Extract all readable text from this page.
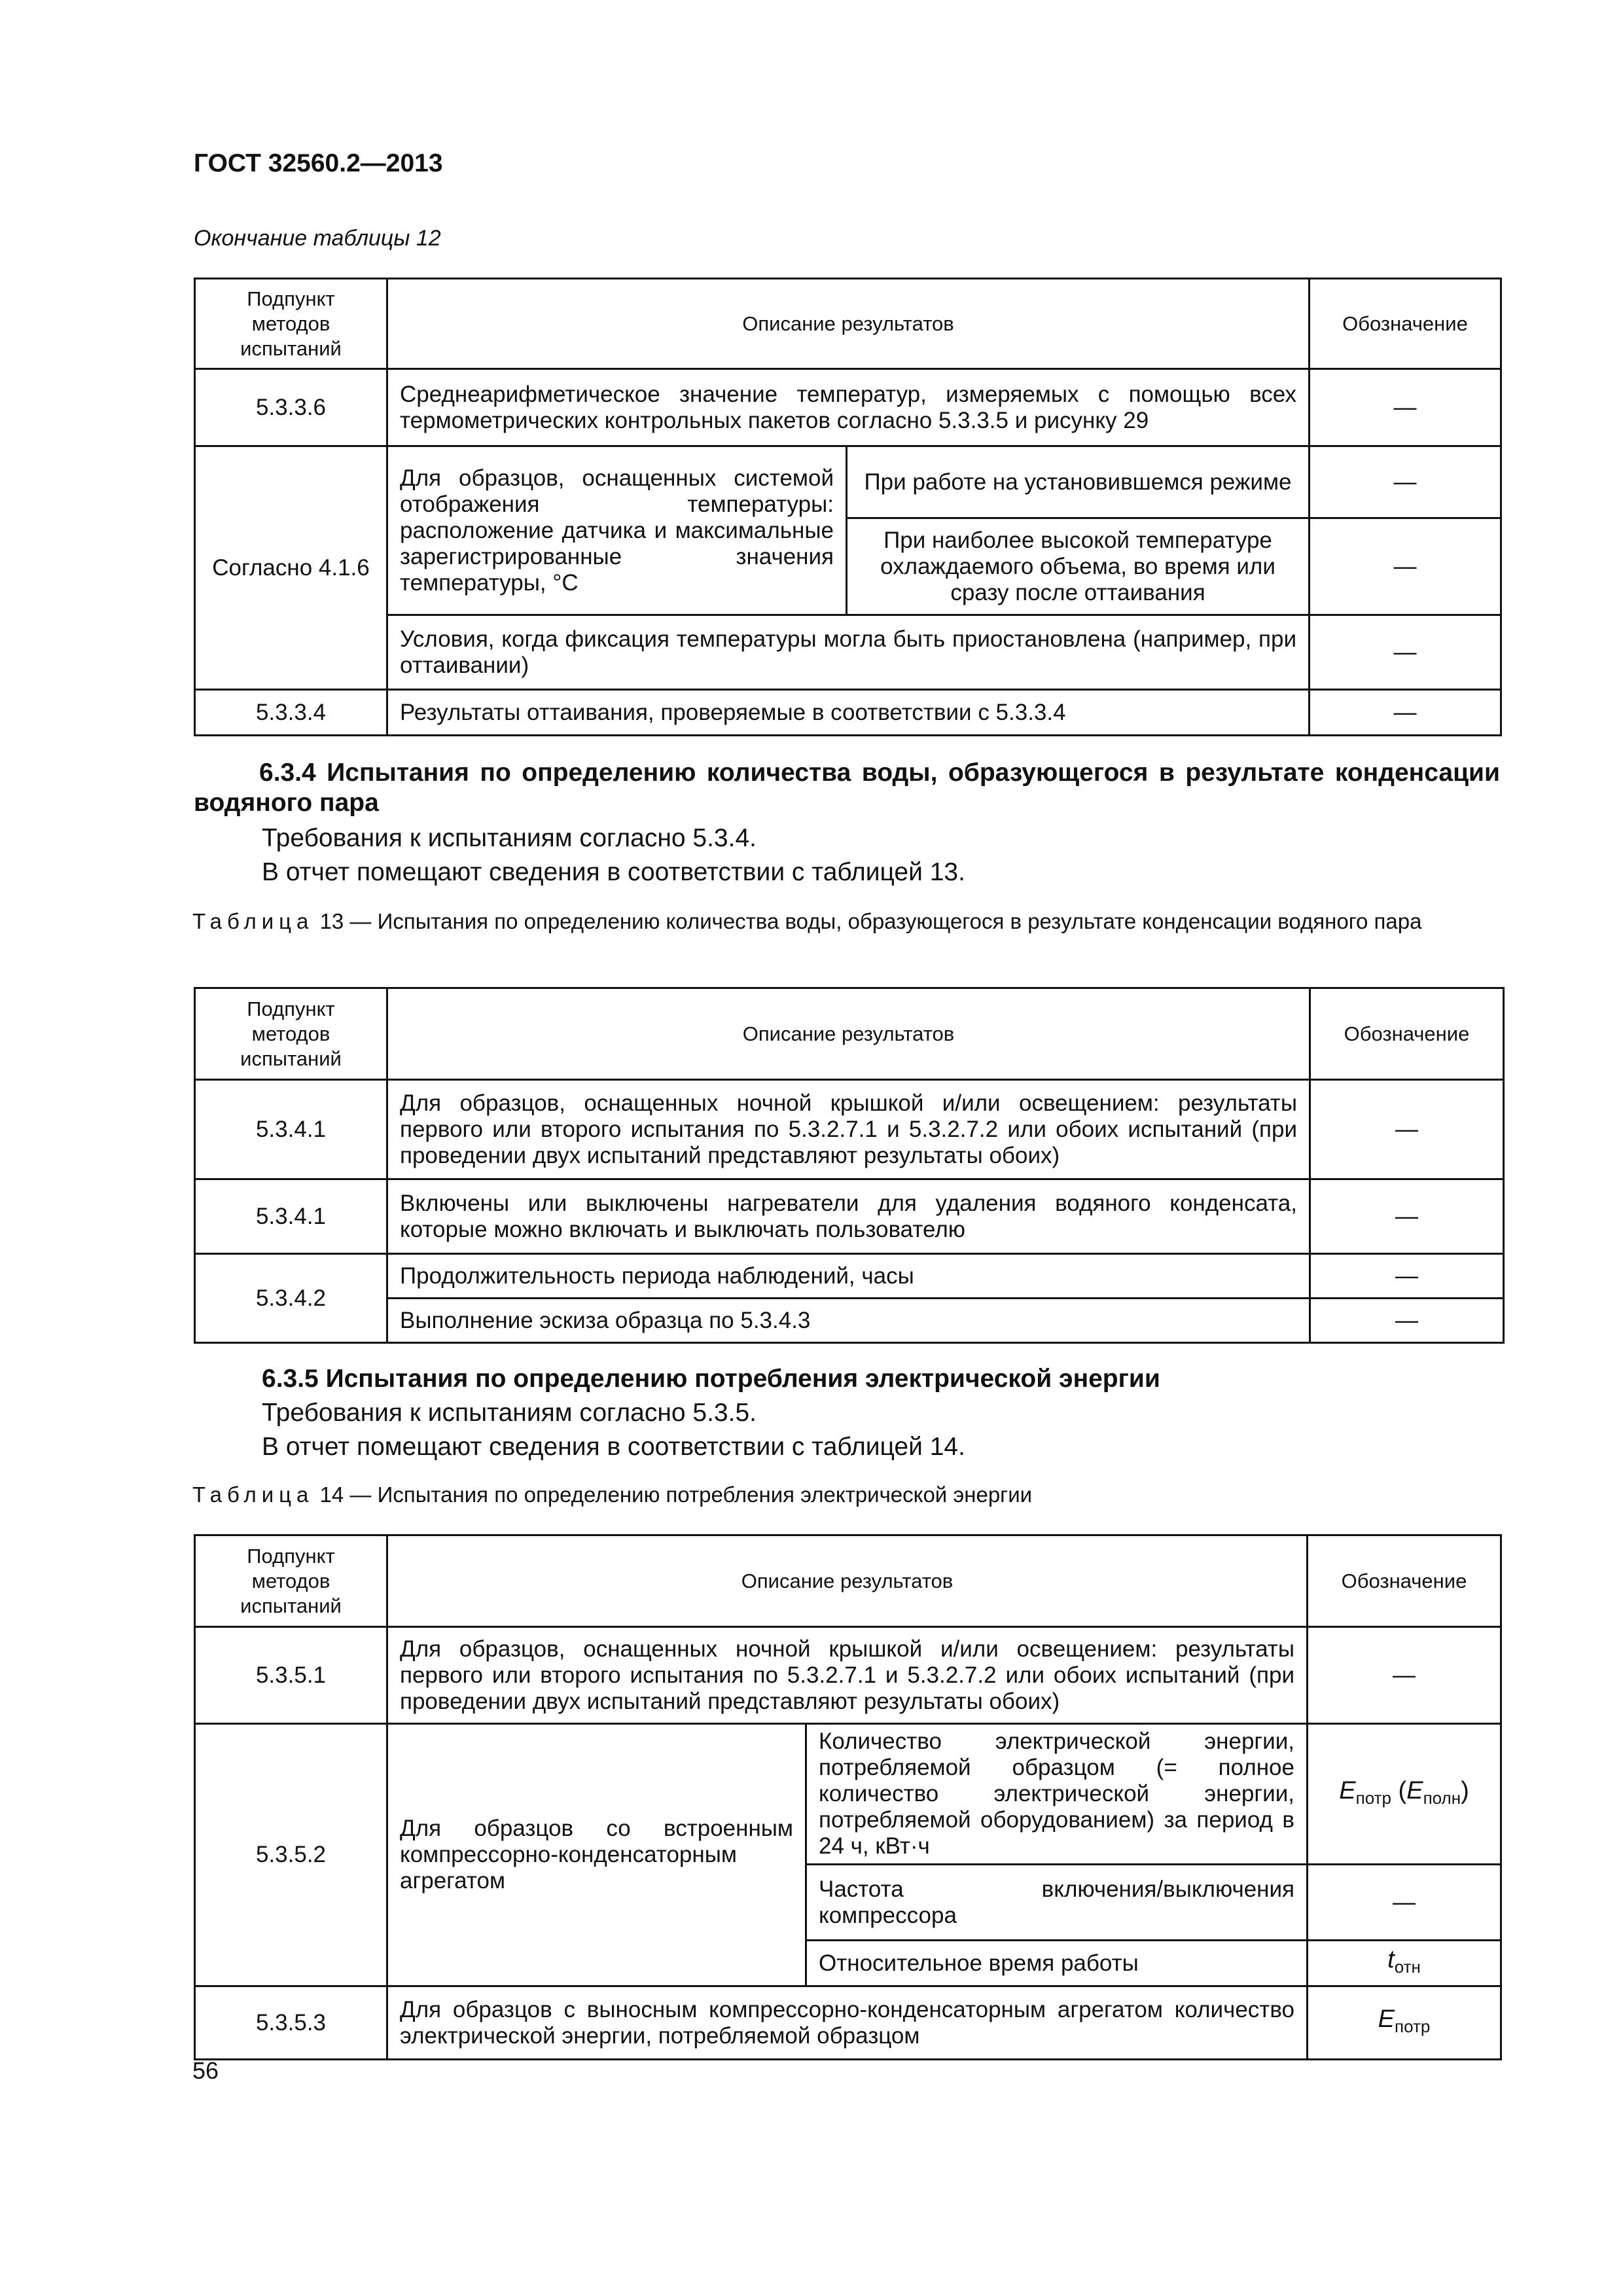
ГОСТ 32560.2—2013
Окончание таблицы 12
Подпункт методов испытаний	Описание результатов		Обозначение
5.3.3.6	Среднеарифметическое значение температур, измеряемых с помощью всех термометрических контрольных пакетов согласно 5.3.3.5 и рисунку 29		—
Согласно 4.1.6	Для образцов, оснащенных системой отображения температуры: расположение датчика и максимальные зарегистрированные значения температуры, °С	При работе на установившемся режиме	—
		При наиболее высокой температуре охлаждаемого объема, во время или сразу после оттаивания	—
	Условия, когда фиксация температуры могла быть приостановлена (например, при оттаивании)		—
5.3.3.4	Результаты оттаивания, проверяемые в соответствии с 5.3.3.4		—
6.3.4 Испытания по определению количества воды, образующегося в результате конденсации водяного пара
Требования к испытаниям согласно 5.3.4.
В отчет помещают сведения в соответствии с таблицей 13.
Таблица 13 — Испытания по определению количества воды, образующегося в результате конденсации водяного пара
Подпункт методов испытаний	Описание результатов	Обозначение
5.3.4.1	Для образцов, оснащенных ночной крышкой и/или освещением: результаты первого или второго испытания по 5.3.2.7.1 и 5.3.2.7.2 или обоих испытаний (при проведении двух испытаний представляют результаты обоих)	—
5.3.4.1	Включены или выключены нагреватели для удаления водяного конденсата, которые можно включать и выключать пользователю	—
5.3.4.2	Продолжительность периода наблюдений, часы	—
	Выполнение эскиза образца по 5.3.4.3	—
6.3.5 Испытания по определению потребления электрической энергии
Требования к испытаниям согласно 5.3.5.
В отчет помещают сведения в соответствии с таблицей 14.
Таблица 14 — Испытания по определению потребления электрической энергии
Подпункт методов испытаний	Описание результатов		Обозначение
5.3.5.1	Для образцов, оснащенных ночной крышкой и/или освещением: результаты первого или второго испытания по 5.3.2.7.1 и 5.3.2.7.2 или обоих испытаний (при проведении двух испытаний представляют результаты обоих)		—
5.3.5.2	Для образцов со встроенным компрессорно-конденсаторным агрегатом	Количество электрической энергии, потребляемой образцом (= полное количество электрической энергии, потребляемой оборудованием) за период в 24 ч, кВт·ч	$E_{потр}$ $(E_{полн})$
		Частота включения/выключения компрессора	—
		Относительное время работы	$t_{отн}$
5.3.5.3	Для образцов с выносным компрессорно-конденсаторным агрегатом количество электрической энергии, потребляемой образцом		$E_{потр}$
56
